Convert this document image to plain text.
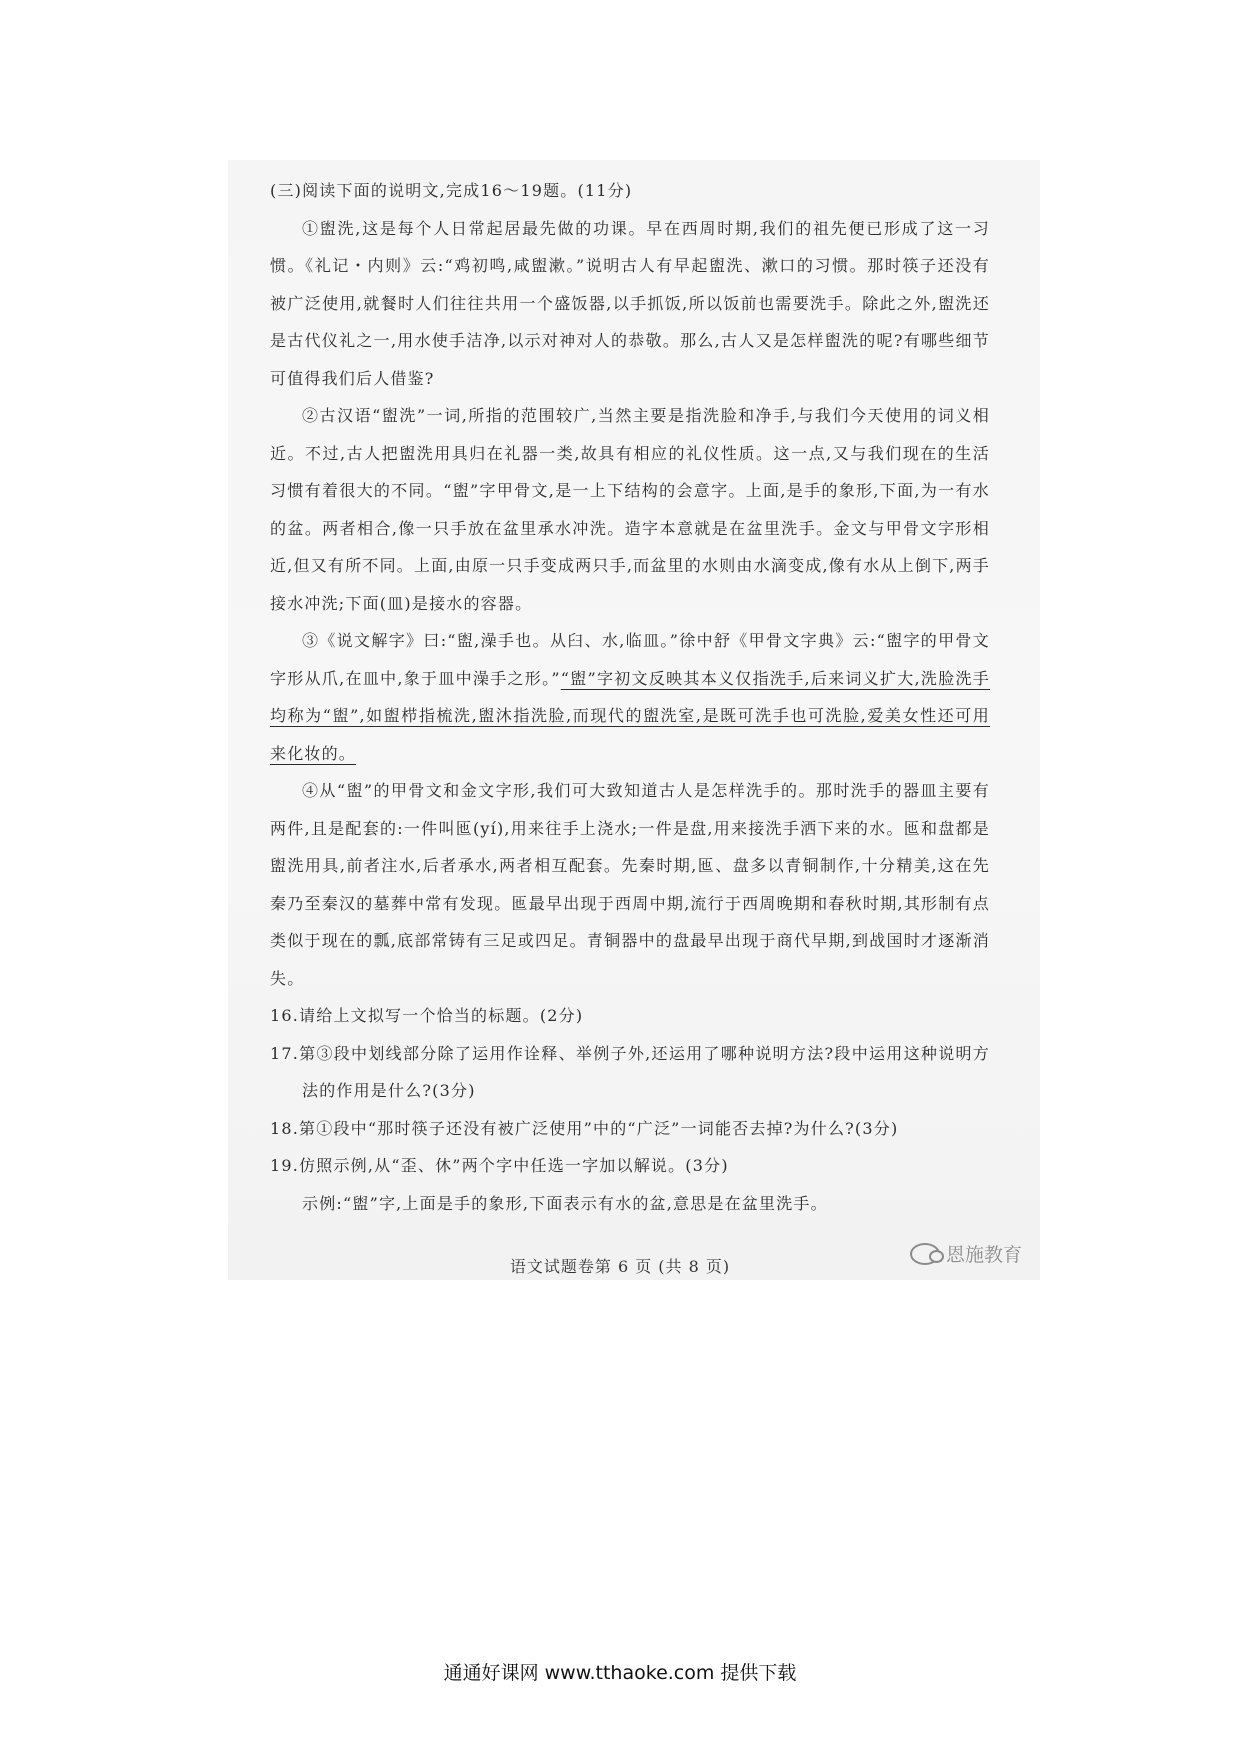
(三)阅读下面的说明文,完成16～19题。(11分)

①盥洗,这是每个人日常起居最先做的功课。早在西周时期,我们的祖先便已形成了这一习惯。《礼记・内则》云:“鸡初鸣,咸盥漱。”说明古人有早起盥洗、漱口的习惯。那时筷子还没有被广泛使用,就餐时人们往往共用一个盛饭器,以手抓饭,所以饭前也需要洗手。除此之外,盥洗还是古代仪礼之一,用水使手洁净,以示对神对人的恭敬。那么,古人又是怎样盥洗的呢?有哪些细节可值得我们后人借鉴?

②古汉语“盥洗”一词,所指的范围较广,当然主要是指洗脸和净手,与我们今天使用的词义相近。不过,古人把盥洗用具归在礼器一类,故具有相应的礼仪性质。这一点,又与我们现在的生活习惯有着很大的不同。“盥”字甲骨文,是一上下结构的会意字。上面,是手的象形,下面,为一有水的盆。两者相合,像一只手放在盆里承水冲洗。造字本意就是在盆里洗手。金文与甲骨文字形相近,但又有所不同。上面,由原一只手变成两只手,而盆里的水则由水滴变成,像有水从上倒下,两手接水冲洗;下面(皿)是接水的容器。

③《说文解字》曰:“盥,澡手也。从臼、水,临皿。”徐中舒《甲骨文字典》云:“盥字的甲骨文字形从爪,在皿中,象于皿中澡手之形。”“盥”字初文反映其本义仅指洗手,后来词义扩大,洗脸洗手均称为“盥”,如盥栉指梳洗,盥沐指洗脸,而现代的盥洗室,是既可洗手也可洗脸,爱美女性还可用来化妆的。

④从“盥”的甲骨文和金文字形,我们可大致知道古人是怎样洗手的。那时洗手的器皿主要有两件,且是配套的:一件叫匜(yí),用来往手上浇水;一件是盘,用来接洗手洒下来的水。匜和盘都是盥洗用具,前者注水,后者承水,两者相互配套。先秦时期,匜、盘多以青铜制作,十分精美,这在先秦乃至秦汉的墓葬中常有发现。匜最早出现于西周中期,流行于西周晚期和春秋时期,其形制有点类似于现在的瓢,底部常铸有三足或四足。青铜器中的盘最早出现于商代早期,到战国时才逐渐消失。

16.请给上文拟写一个恰当的标题。(2分)

17.第③段中划线部分除了运用作诠释、举例子外,还运用了哪种说明方法?段中运用这种说明方法的作用是什么?(3分)

18.第①段中“那时筷子还没有被广泛使用”中的“广泛”一词能否去掉?为什么?(3分)

19.仿照示例,从“歪、休”两个字中任选一字加以解说。(3分)

示例:“盥”字,上面是手的象形,下面表示有水的盆,意思是在盆里洗手。

语文试题卷第 6 页 (共 8 页)
恩施教育
通通好课网 www.tthaoke.com 提供下载
